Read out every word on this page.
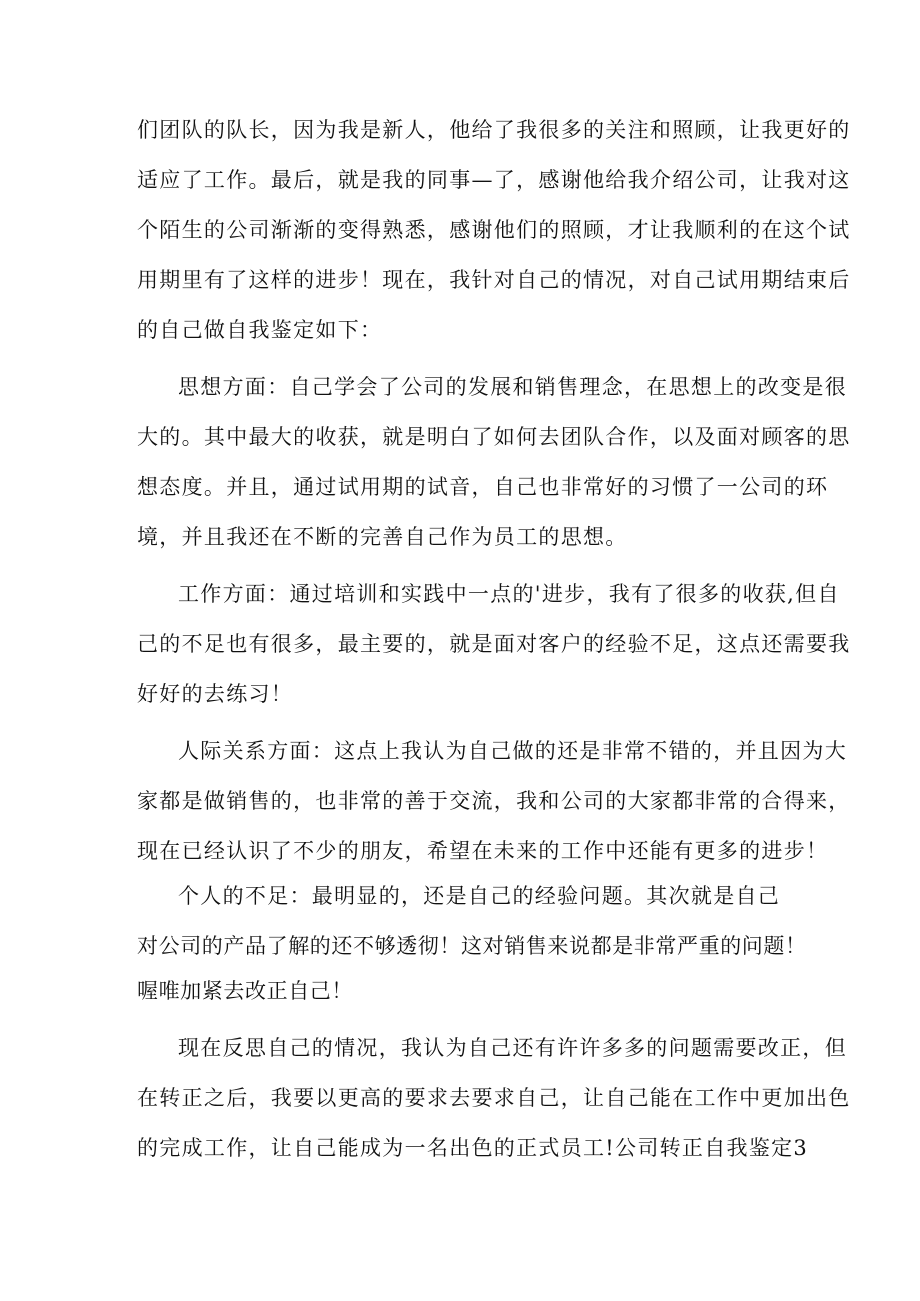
们团队的队长，因为我是新人，他给了我很多的关注和照顾，让我更好的
适应了工作。最后，就是我的同事—了，感谢他给我介绍公司，让我对这
个陌生的公司渐渐的变得熟悉，感谢他们的照顾，才让我顺利的在这个试
用期里有了这样的进步！现在，我针对自己的情况，对自己试用期结束后
的自己做自我鉴定如下：
思想方面：自己学会了公司的发展和销售理念，在思想上的改变是很
大的。其中最大的收获，就是明白了如何去团队合作，以及面对顾客的思
想态度。并且，通过试用期的试音，自己也非常好的习惯了一公司的环
境，并且我还在不断的完善自己作为员工的思想。
工作方面：通过培训和实践中一点的'进步，我有了很多的收获,但自
己的不足也有很多，最主要的，就是面对客户的经验不足，这点还需要我
好好的去练习！
人际关系方面：这点上我认为自己做的还是非常不错的，并且因为大
家都是做销售的，也非常的善于交流，我和公司的大家都非常的合得来，
现在已经认识了不少的朋友，希望在未来的工作中还能有更多的进步！
个人的不足：最明显的，还是自己的经验问题。其次就是自己
对公司的产品了解的还不够透彻！这对销售来说都是非常严重的问题！
喔唯加紧去改正自己！
现在反思自己的情况，我认为自己还有许许多多的问题需要改正，但
在转正之后，我要以更高的要求去要求自己，让自己能在工作中更加出色
的完成工作，让自己能成为一名出色的正式员工!公司转正自我鉴定3
